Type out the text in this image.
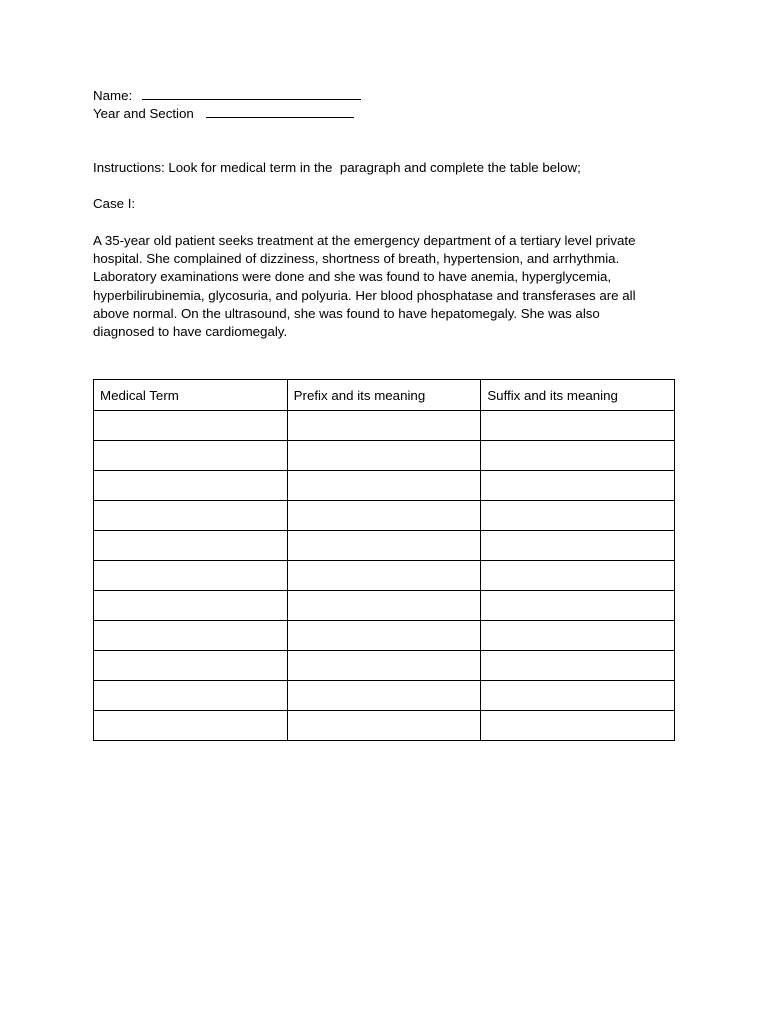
Name:
Year and Section
Instructions: Look for medical term in the  paragraph and complete the table below;
Case I:
A 35-year old patient seeks treatment at the emergency department of a tertiary level private
hospital. She complained of dizziness, shortness of breath, hypertension, and arrhythmia.
Laboratory examinations were done and she was found to have anemia, hyperglycemia,
hyperbilirubinemia, glycosuria, and polyuria. Her blood phosphatase and transferases are all
above normal. On the ultrasound, she was found to have hepatomegaly. She was also
diagnosed to have cardiomegaly.
Medical Term	Prefix and its meaning	Suffix and its meaning
